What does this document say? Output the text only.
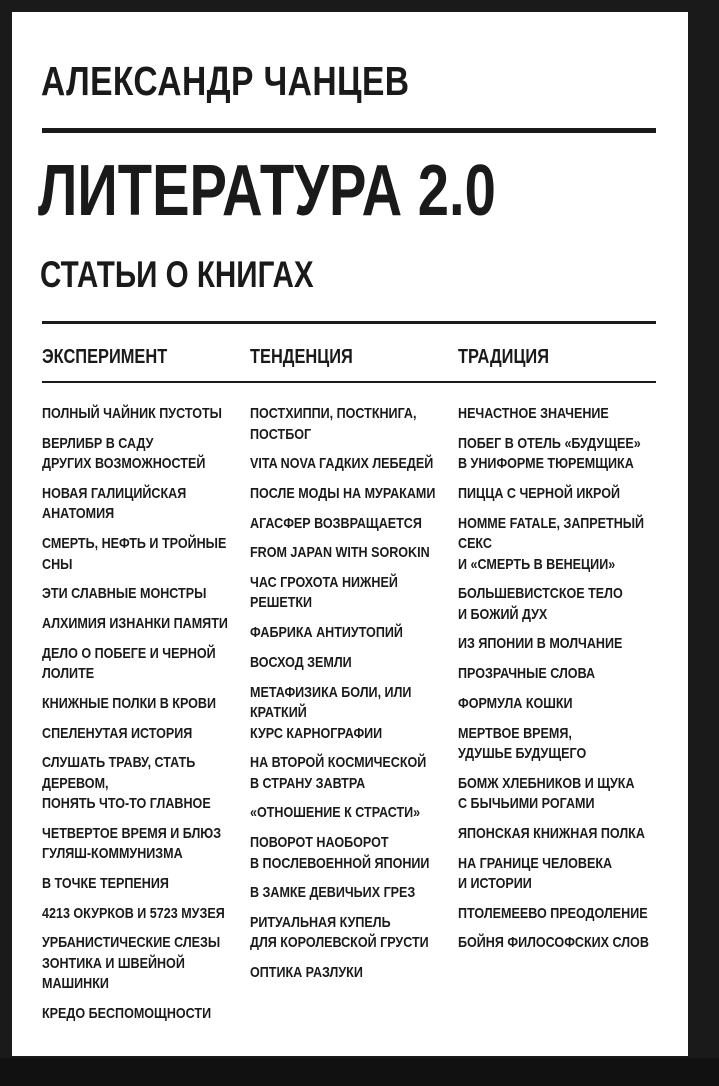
АЛЕКСАНДР ЧАНЦЕВ
ЛИТЕРАТУРА 2.0
СТАТЬИ О КНИГАХ
ЭКСПЕРИМЕНТ	ТЕНДЕНЦИЯ	ТРАДИЦИЯ
ПОЛНЫЙ ЧАЙНИК ПУСТОТЫ
ВЕРЛИБР В САДУ
ДРУГИХ ВОЗМОЖНОСТЕЙ
НОВАЯ ГАЛИЦИЙСКАЯ АНАТОМИЯ
СМЕРТЬ, НЕФТЬ И ТРОЙНЫЕ СНЫ
ЭТИ СЛАВНЫЕ МОНСТРЫ
АЛХИМИЯ ИЗНАНКИ ПАМЯТИ
ДЕЛО О ПОБЕГЕ И ЧЕРНОЙ ЛОЛИТЕ
КНИЖНЫЕ ПОЛКИ В КРОВИ
СПЕЛЕНУТАЯ ИСТОРИЯ
СЛУШАТЬ ТРАВУ, СТАТЬ ДЕРЕВОМ,
ПОНЯТЬ ЧТО-ТО ГЛАВНОЕ
ЧЕТВЕРТОЕ ВРЕМЯ И БЛЮЗ
ГУЛЯШ-КОММУНИЗМА
В ТОЧКЕ ТЕРПЕНИЯ
4213 ОКУРКОВ И 5723 МУЗЕЯ
УРБАНИСТИЧЕСКИЕ СЛЕЗЫ
ЗОНТИКА И ШВЕЙНОЙ МАШИНКИ
КРЕДО БЕСПОМОЩНОСТИ
ПОСТХИППИ, ПОСТКНИГА, ПОСТБОГ
VITA NOVA ГАДКИХ ЛЕБЕДЕЙ
ПОСЛЕ МОДЫ НА МУРАКАМИ
АГАСФЕР ВОЗВРАЩАЕТСЯ
FROM JAPAN WITH SOROKIN
ЧАС ГРОХОТА НИЖНЕЙ РЕШЕТКИ
ФАБРИКА АНТИУТОПИЙ
ВОСХОД ЗЕМЛИ
МЕТАФИЗИКА БОЛИ, ИЛИ КРАТКИЙ
КУРС КАРНОГРАФИИ
НА ВТОРОЙ КОСМИЧЕСКОЙ
В СТРАНУ ЗАВТРА
«ОТНОШЕНИЕ К СТРАСТИ»
ПОВОРОТ НАОБОРОТ
В ПОСЛЕВОЕННОЙ ЯПОНИИ
В ЗАМКЕ ДЕВИЧЬИХ ГРЕЗ
РИТУАЛЬНАЯ КУПЕЛЬ
ДЛЯ КОРОЛЕВСКОЙ ГРУСТИ
ОПТИКА РАЗЛУКИ
НЕЧАСТНОЕ ЗНАЧЕНИЕ
ПОБЕГ В ОТЕЛЬ «БУДУЩЕЕ»
В УНИФОРМЕ ТЮРЕМЩИКА
ПИЦЦА С ЧЕРНОЙ ИКРОЙ
HOMME FATALE, ЗАПРЕТНЫЙ СЕКС
И «СМЕРТЬ В ВЕНЕЦИИ»
БОЛЬШЕВИСТСКОЕ ТЕЛО
И БОЖИЙ ДУХ
ИЗ ЯПОНИИ В МОЛЧАНИЕ
ПРОЗРАЧНЫЕ СЛОВА
ФОРМУЛА КОШКИ
МЕРТВОЕ ВРЕМЯ,
УДУШЬЕ БУДУЩЕГО
БОМЖ ХЛЕБНИКОВ И ЩУКА
С БЫЧЬИМИ РОГАМИ
ЯПОНСКАЯ КНИЖНАЯ ПОЛКА
НА ГРАНИЦЕ ЧЕЛОВЕКА
И ИСТОРИИ
ПТОЛЕМЕЕВО ПРЕОДОЛЕНИЕ
БОЙНЯ ФИЛОСОФСКИХ СЛОВ
